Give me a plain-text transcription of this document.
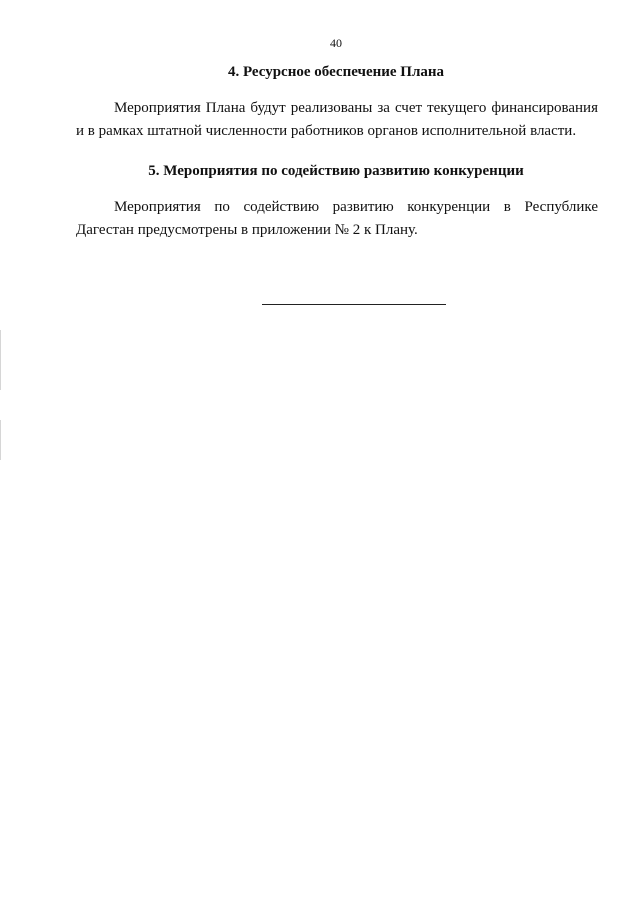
40
4. Ресурсное обеспечение Плана
Мероприятия Плана будут реализованы за счет текущего финансирования и в рамках штатной численности работников органов исполнительной власти.
5. Мероприятия по содействию развитию конкуренции
Мероприятия по содействию развитию конкуренции в Республике Дагестан предусмотрены в приложении № 2 к Плану.
